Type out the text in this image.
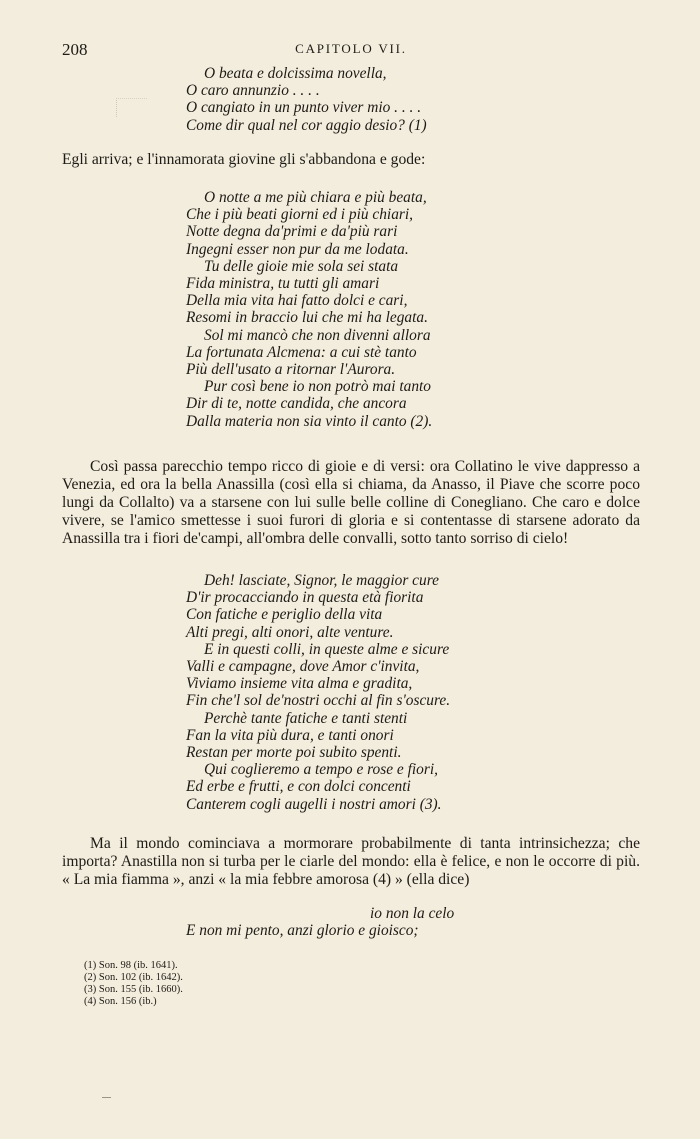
208	CAPITOLO VII.
O beata e dolcissima novella,
O caro annunzio . . . .
O cangiato in un punto viver mio . . . .
Come dir qual nel cor aggio desio? (1)

Egli arriva; e l'innamorata giovine gli s'abbandona e gode:

O notte a me più chiara e più beata,
Che i più beati giorni ed i più chiari,
Notte degna da'primi e da'più rari
Ingegni esser non pur da me lodata.
Tu delle gioie mie sola sei stata
Fida ministra, tu tutti gli amari
Della mia vita hai fatto dolci e cari,
Resomi in braccio lui che mi ha legata.
Sol mi mancò che non divenni allora
La fortunata Alcmena: a cui stè tanto
Più dell'usato a ritornar l'Aurora.
Pur così bene io non potrò mai tanto
Dir di te, notte candida, che ancora
Dalla materia non sia vinto il canto (2).

Così passa parecchio tempo ricco di gioie e di versi: ora Collatino le vive dappresso a Venezia, ed ora la bella Anassilla (così ella si chiama, da Anasso, il Piave che scorre poco lungi da Collalto) va a starsene con lui sulle belle colline di Conegliano. Che caro e dolce vivere, se l'amico smettesse i suoi furori di gloria e si contentasse di starsene adorato da Anassilla tra i fiori de'campi, all'ombra delle convalli, sotto tanto sorriso di cielo!

Deh! lasciate, Signor, le maggior cure
D'ir procacciando in questa età fiorita
Con fatiche e periglio della vita
Alti pregi, alti onori, alte venture.
E in questi colli, in queste alme e sicure
Valli e campagne, dove Amor c'invita,
Viviamo insieme vita alma e gradita,
Fin che'l sol de'nostri occhi al fin s'oscure.
Perchè tante fatiche e tanti stenti
Fan la vita più dura, e tanti onori
Restan per morte poi subito spenti.
Qui coglieremo a tempo e rose e fiori,
Ed erbe e frutti, e con dolci concenti
Canterem cogli augelli i nostri amori (3).

Ma il mondo cominciava a mormorare probabilmente di tanta intrinsichezza; che importa? Anastilla non si turba per le ciarle del mondo: ella è felice, e non le occorre di più. « La mia fiamma », anzi « la mia febbre amorosa (4) » (ella dice)

io non la celo
E non mi pento, anzi glorio e gioisco;
(1) Son. 98 (ib. 1641).
(2) Son. 102 (ib. 1642).
(3) Son. 155 (ib. 1660).
(4) Son. 156 (ib.)
